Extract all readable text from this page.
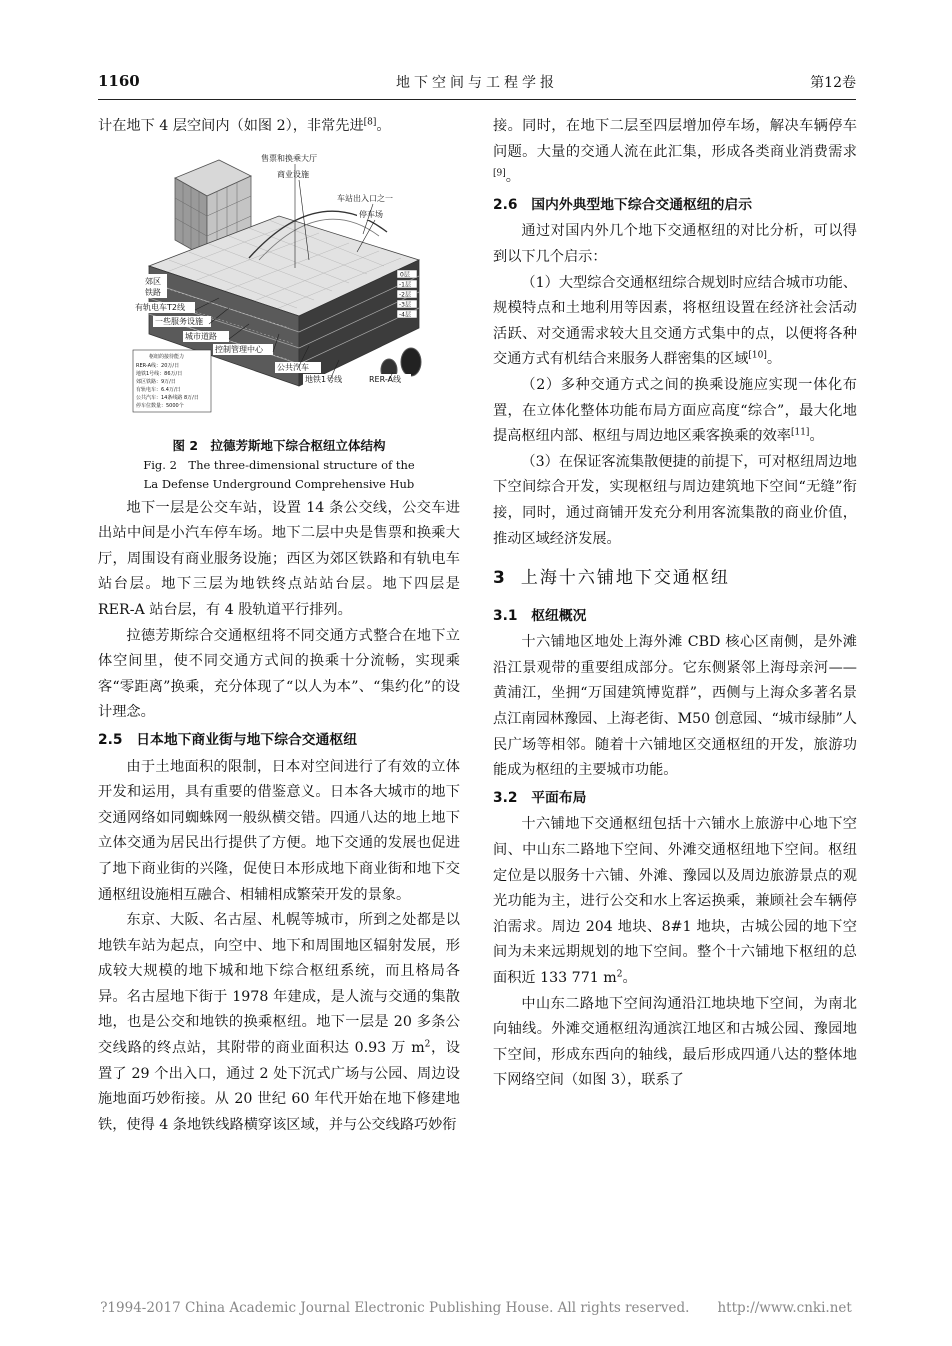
1160	地下空间与工程学报	第12卷

计在地下 4 层空间内（如图 2），非常先进[8]。

0层
-1层
-2层
-3层
-4层
售票和换乘大厅
商业设施
车站出入口之一
停车场
郊区
铁路
有轨电车T2线
一些服务设施
城市道路
控制管理中心
公共汽车
地铁1号线	RER-A线
枢纽的接待能力
RER-A线：20万/日
地铁1号线：86万/日
郊区铁路：9万/日
有轨电车：6.4万/日
公共汽车：14条线路 8万/日
停车位数量：5000个
图 2　拉德芳斯地下综合枢纽立体结构
Fig. 2　The three-dimensional structure of the
La Defense Underground Comprehensive Hub

地下一层是公交车站，设置 14 条公交线，公交车进出站中间是小汽车停车场。地下二层中央是售票和换乘大厅，周围设有商业服务设施；西区为郊区铁路和有轨电车站台层。地下三层为地铁终点站站台层。地下四层是 RER-A 站台层，有 4 股轨道平行排列。

拉德芳斯综合交通枢纽将不同交通方式整合在地下立体空间里，使不同交通方式间的换乘十分流畅，实现乘客“零距离”换乘，充分体现了“以人为本”、“集约化”的设计理念。

2.5　日本地下商业街与地下综合交通枢纽

由于土地面积的限制，日本对空间进行了有效的立体开发和运用，具有重要的借鉴意义。日本各大城市的地下交通网络如同蜘蛛网一般纵横交错。四通八达的地上地下立体交通为居民出行提供了方便。地下交通的发展也促进了地下商业街的兴隆，促使日本形成地下商业街和地下交通枢纽设施相互融合、相辅相成繁荣开发的景象。

东京、大阪、名古屋、札幌等城市，所到之处都是以地铁车站为起点，向空中、地下和周围地区辐射发展，形成较大规模的地下城和地下综合枢纽系统，而且格局各异。名古屋地下街于 1978 年建成，是人流与交通的集散地，也是公交和地铁的换乘枢纽。地下一层是 20 多条公交线路的终点站，其附带的商业面积达 0.93 万 $m^2$，设置了 29 个出入口，通过 2 处下沉式广场与公园、周边设施地面巧妙衔接。从 20 世纪 60 年代开始在地下修建地铁，使得 4 条地铁线路横穿该区域，并与公交线路巧妙衔

接。同时，在地下二层至四层增加停车场，解决车辆停车问题。大量的交通人流在此汇集，形成各类商业消费需求[9]。

2.6　国内外典型地下综合交通枢纽的启示

通过对国内外几个地下交通枢纽的对比分析，可以得到以下几个启示：

（1）大型综合交通枢纽综合规划时应结合城市功能、规模特点和土地利用等因素，将枢纽设置在经济社会活动活跃、对交通需求较大且交通方式集中的点，以便将各种交通方式有机结合来服务人群密集的区域[10]。

（2）多种交通方式之间的换乘设施应实现一体化布置，在立体化整体功能布局方面应高度“综合”，最大化地提高枢纽内部、枢纽与周边地区乘客换乘的效率[11]。

（3）在保证客流集散便捷的前提下，可对枢纽周边地下空间综合开发，实现枢纽与周边建筑地下空间“无缝”衔接，同时，通过商铺开发充分利用客流集散的商业价值，推动区域经济发展。

3 上海十六铺地下交通枢纽
3.1　枢纽概况

十六铺地区地处上海外滩 CBD 核心区南侧，是外滩沿江景观带的重要组成部分。它东侧紧邻上海母亲河——黄浦江，坐拥“万国建筑博览群”，西侧与上海众多著名景点江南园林豫园、上海老街、M50 创意园、“城市绿肺”人民广场等相邻。随着十六铺地区交通枢纽的开发，旅游功能成为枢纽的主要城市功能。

3.2　平面布局

十六铺地下交通枢纽包括十六铺水上旅游中心地下空间、中山东二路地下空间、外滩交通枢纽地下空间。枢纽定位是以服务十六铺、外滩、豫园以及周边旅游景点的观光功能为主，进行公交和水上客运换乘，兼顾社会车辆停泊需求。周边 204 地块、8#1 地块，古城公园的地下空间为未来远期规划的地下空间。整个十六铺地下枢纽的总面积近 133 771 $m^2$。

中山东二路地下空间沟通沿江地块地下空间，为南北向轴线。外滩交通枢纽沟通滨江地区和古城公园、豫园地下空间，形成东西向的轴线，最后形成四通八达的整体地下网络空间（如图 3），联系了

?1994-2017 China Academic Journal Electronic Publishing House. All rights reserved. http://www.cnki.net
